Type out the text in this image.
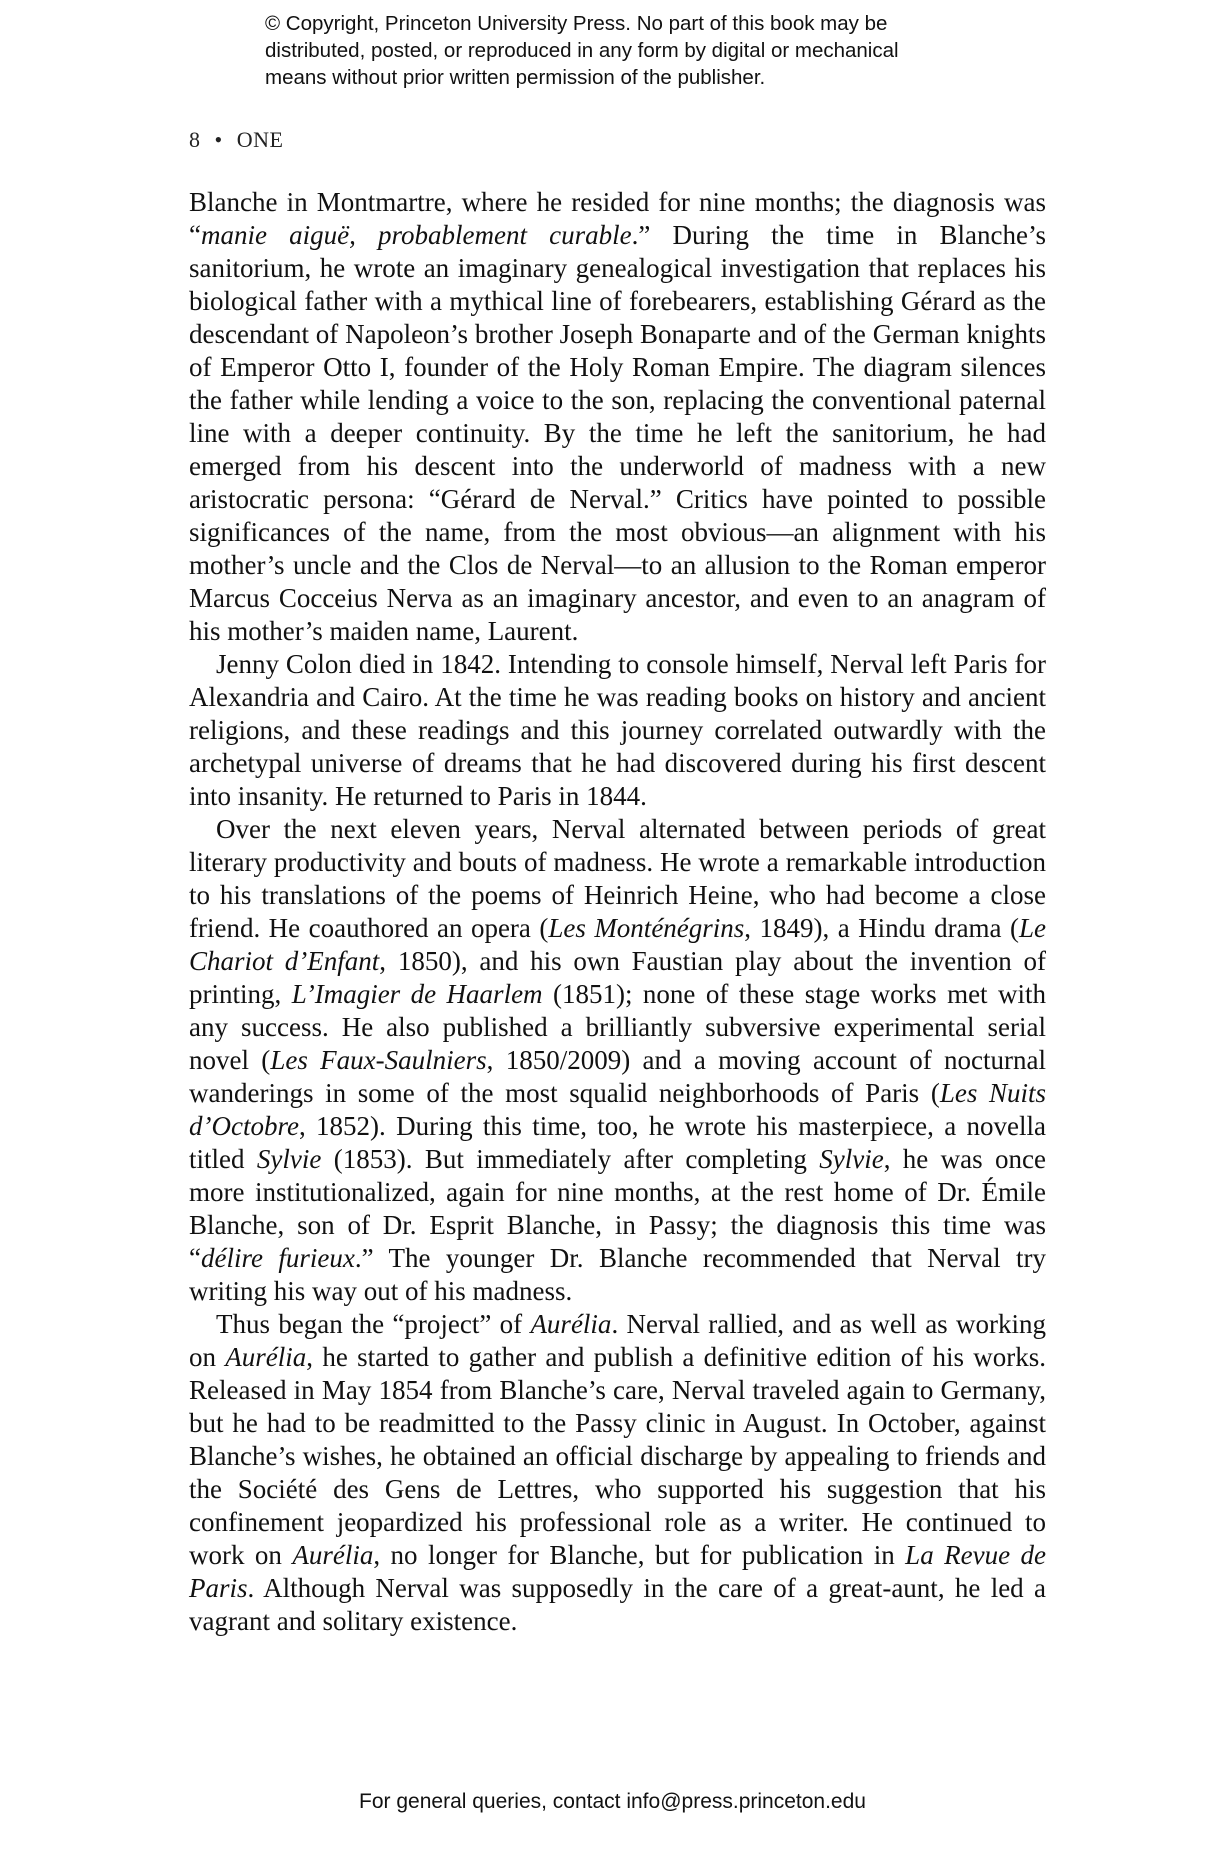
© Copyright, Princeton University Press. No part of this book may be
distributed, posted, or reproduced in any form by digital or mechanical
means without prior written permission of the publisher.
8 • ONE

Blanche in Montmartre, where he resided for nine months; the diagnosis was “manie aiguë, probablement curable.” During the time in Blanche’s sanitorium, he wrote an imaginary genealogical investigation that replaces his biological father with a mythical line of forebearers, establishing Gérard as the descendant of Napoleon’s brother Joseph Bonaparte and of the German knights of Emperor Otto I, founder of the Holy Roman Empire. The diagram silences the father while lending a voice to the son, replacing the conventional paternal line with a deeper continuity. By the time he left the sanitorium, he had emerged from his descent into the underworld of madness with a new aristocratic persona: “Gérard de Nerval.” Critics have pointed to possible significances of the name, from the most obvious—an alignment with his mother’s uncle and the Clos de Nerval—to an allusion to the Roman emperor Marcus Cocceius Nerva as an imaginary ancestor, and even to an anagram of his mother’s maiden name, Laurent.

Jenny Colon died in 1842. Intending to console himself, Nerval left Paris for Alexandria and Cairo. At the time he was reading books on history and ancient religions, and these readings and this journey correlated outwardly with the archetypal universe of dreams that he had discovered during his first descent into insanity. He returned to Paris in 1844.

Over the next eleven years, Nerval alternated between periods of great literary productivity and bouts of madness. He wrote a remarkable introduction to his translations of the poems of Heinrich Heine, who had become a close friend. He coauthored an opera (Les Monténégrins, 1849), a Hindu drama (Le Chariot d’Enfant, 1850), and his own Faustian play about the invention of printing, L’Imagier de Haarlem (1851); none of these stage works met with any success. He also published a brilliantly subversive experimental serial novel (Les Faux-Saulniers, 1850/2009) and a moving account of nocturnal wanderings in some of the most squalid neighborhoods of Paris (Les Nuits d’Octobre, 1852). During this time, too, he wrote his masterpiece, a novella titled Sylvie (1853). But immediately after completing Sylvie, he was once more institutionalized, again for nine months, at the rest home of Dr. Émile Blanche, son of Dr. Esprit Blanche, in Passy; the diagnosis this time was “délire furieux.” The younger Dr. Blanche recommended that Nerval try writing his way out of his madness.

Thus began the “project” of Aurélia. Nerval rallied, and as well as working on Aurélia, he started to gather and publish a definitive edition of his works. Released in May 1854 from Blanche’s care, Nerval traveled again to Germany, but he had to be readmitted to the Passy clinic in August. In October, against Blanche’s wishes, he obtained an official discharge by appealing to friends and the Société des Gens de Lettres, who supported his suggestion that his confinement jeopardized his professional role as a writer. He continued to work on Aurélia, no longer for Blanche, but for publication in La Revue de Paris. Although Nerval was supposedly in the care of a great-aunt, he led a vagrant and solitary existence.

For general queries, contact info@press.princeton.edu
